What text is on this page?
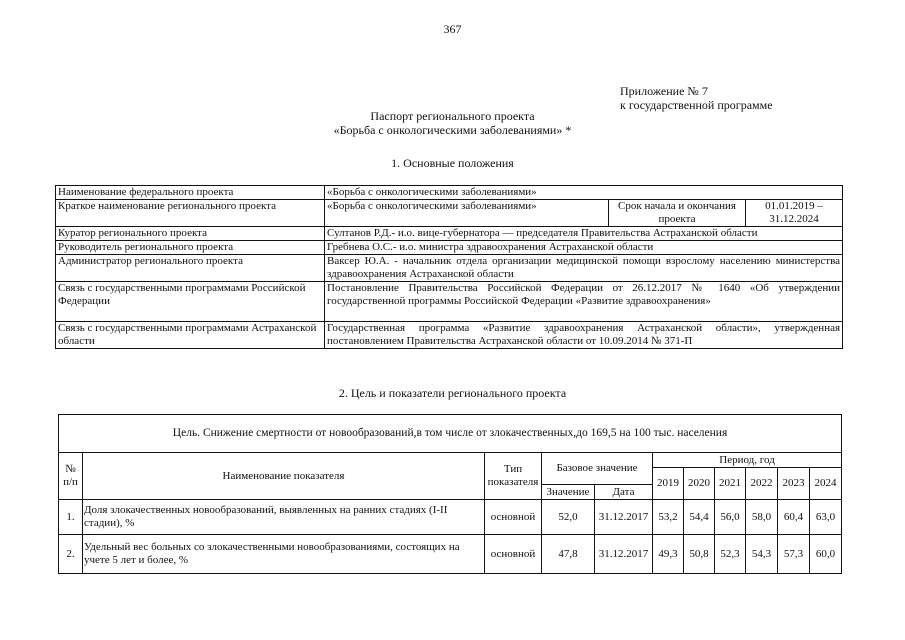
367
Приложение № 7
к государственной программе
Паспорт регионального проекта
«Борьба с онкологическими заболеваниями» *
1. Основные положения
Наименование федерального проекта	«Борьба с онкологическими заболеваниями»		
Краткое наименование регионального проекта	«Борьба с онкологическими заболеваниями»	Срок начала и окончания проекта	01.01.2019 – 31.12.2024
Куратор регионального проекта	Султанов Р.Д.- и.о. вице-губернатора — председателя Правительства Астраханской области		
Руководитель регионального проекта	Гребнева О.С.- и.о. министра здравоохранения Астраханской области		
Администратор регионального проекта	Ваксер Ю.А. - начальник отдела организации медицинской помощи взрослому населению министерства здравоохранения Астраханской области		
Связь с государственными программами Российской Федерации	Постановление Правительства Российской Федерации от 26.12.2017 № 1640 «Об утверждении государственной программы Российской Федерации «Развитие здравоохранения»		
Связь с государственными программами Астраханской области	Государственная программа «Развитие здравоохранения Астраханской области», утвержденная постановлением Правительства Астраханской области от 10.09.2014 № 371-П		
2. Цель и показатели регионального проекта
Цель. Снижение смертности от новообразований,в том числе от злокачественных,до 169,5 на 100 тыс. населения										
№ п/п	Наименование показателя	Тип показателя	Базовое значение		Период, год					
					2019	2020	2021	2022	2023	2024
			Значение	Дата						
1.	Доля злокачественных новообразований, выявленных на ранних стадиях (I-II стадии), %	основной	52,0	31.12.2017	53,2	54,4	56,0	58,0	60,4	63,0
2.	Удельный вес больных со злокачественными новообразованиями, состоящих на учете 5 лет и более, %	основной	47,8	31.12.2017	49,3	50,8	52,3	54,3	57,3	60,0
